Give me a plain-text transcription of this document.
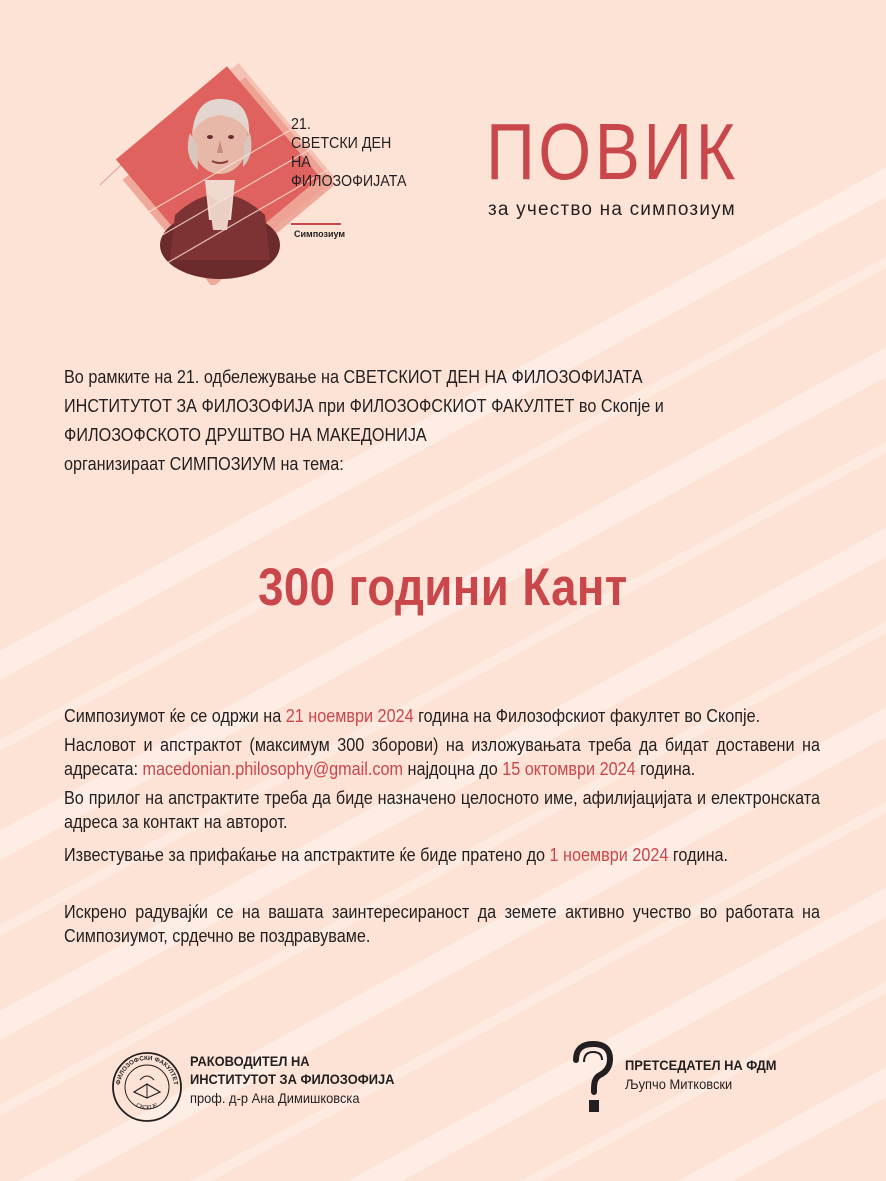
21.
СВЕТСКИ ДЕН
НА
ФИЛОЗОФИЈАТА
Симпозиум
ПОВИК
за учество на симпозиум
Во рамките на 21. одбележување на СВЕТСКИОТ ДЕН НА ФИЛОЗОФИЈАТА
ИНСТИТУТОТ ЗА ФИЛОЗОФИЈА при ФИЛОЗОФСКИОТ ФАКУЛТЕТ во Скопје и
ФИЛОЗОФСКОТО ДРУШТВО НА МАКЕДОНИЈА
организираат СИМПОЗИУМ на тема:
300 години Кант
Симпозиумот ќе се одржи на 21 ноември 2024 година на Филозофскиот факултет во Скопје.
Насловот и апстрактот (максимум 300 зборови) на изложувањата треба да бидат доставени на адресата: macedonian.philosophy@gmail.com најдоцна до 15 октомври 2024 година.
Во прилог на апстрактите треба да биде назначено целосното име, афилијацијата и електронската адреса за контакт на авторот.
Известување за прифаќање на апстрактите ќе биде пратено до 1 ноември 2024 година.
Искрено радувајќи се на вашата заинтересираност да земете активно учество во работата на Симпозиумот, срдечно ве поздравуваме.
ФИЛОЗОФСКИ ФАКУЛТЕТ
СКОПЈЕ
РАКОВОДИТЕЛ НА
ИНСТИТУТОТ ЗА ФИЛОЗОФИЈА
проф. д-р Ана Димишковска
ПРЕТСЕДАТЕЛ НА ФДМ
Љупчо Митковски
